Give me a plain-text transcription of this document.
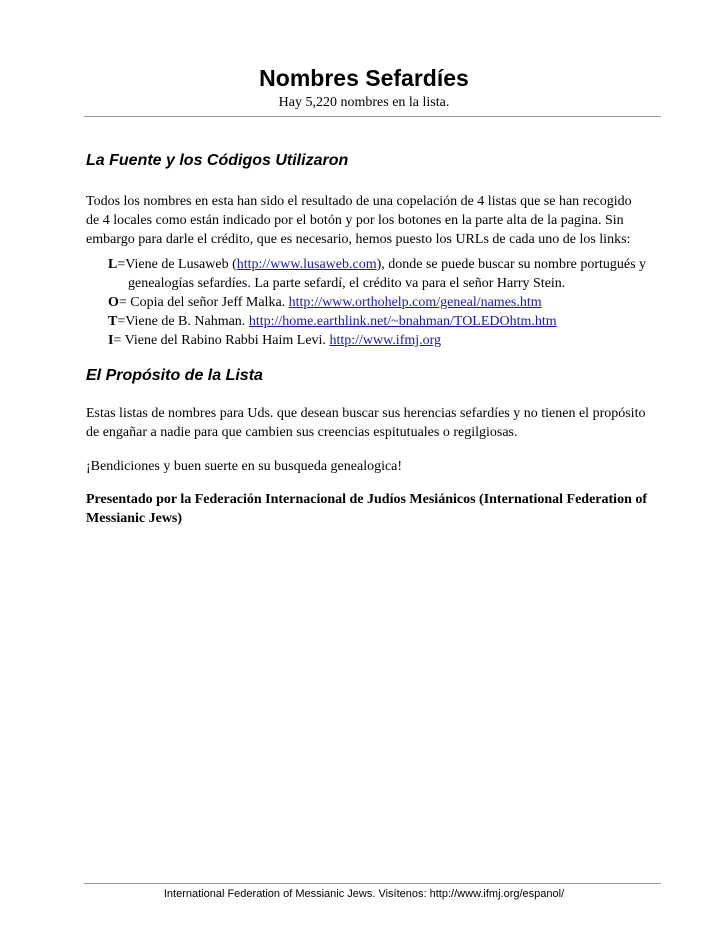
Nombres Sefardíes
Hay 5,220 nombres en la lista.
La Fuente y los Códigos Utilizaron

Todos los nombres en esta han sido el resultado de una copelación de 4 listas que se han recogido

de 4 locales como están indicado por el botón y por los botones en la parte alta de la pagina. Sin

embargo para darle el crédito, que es necesario, hemos puesto los URLs de cada uno de los links:

L=Viene de Lusaweb (http://www.lusaweb.com), donde se puede buscar su nombre portugués y
genealogías sefardíes. La parte sefardí, el crédito va para el señor Harry Stein.
O= Copia del señor Jeff Malka. http://www.orthohelp.com/geneal/names.htm
T=Viene de B. Nahman. http://home.earthlink.net/~bnahman/TOLEDOhtm.htm
I= Viene del Rabino Rabbi Haim Levi. http://www.ifmj.org
El Propósito de la Lista

Estas listas de nombres para Uds. que desean buscar sus herencias sefardíes y no tienen el propósito

de engañar a nadie para que cambien sus creencias espitutuales o regilgiosas.

¡Bendiciones y buen suerte en su busqueda genealogica!

Presentado por la Federación Internacional de Judíos Mesiánicos (International Federation of

Messianic Jews)

International Federation of Messianic Jews. Visítenos: http://www.ifmj.org/espanol/
